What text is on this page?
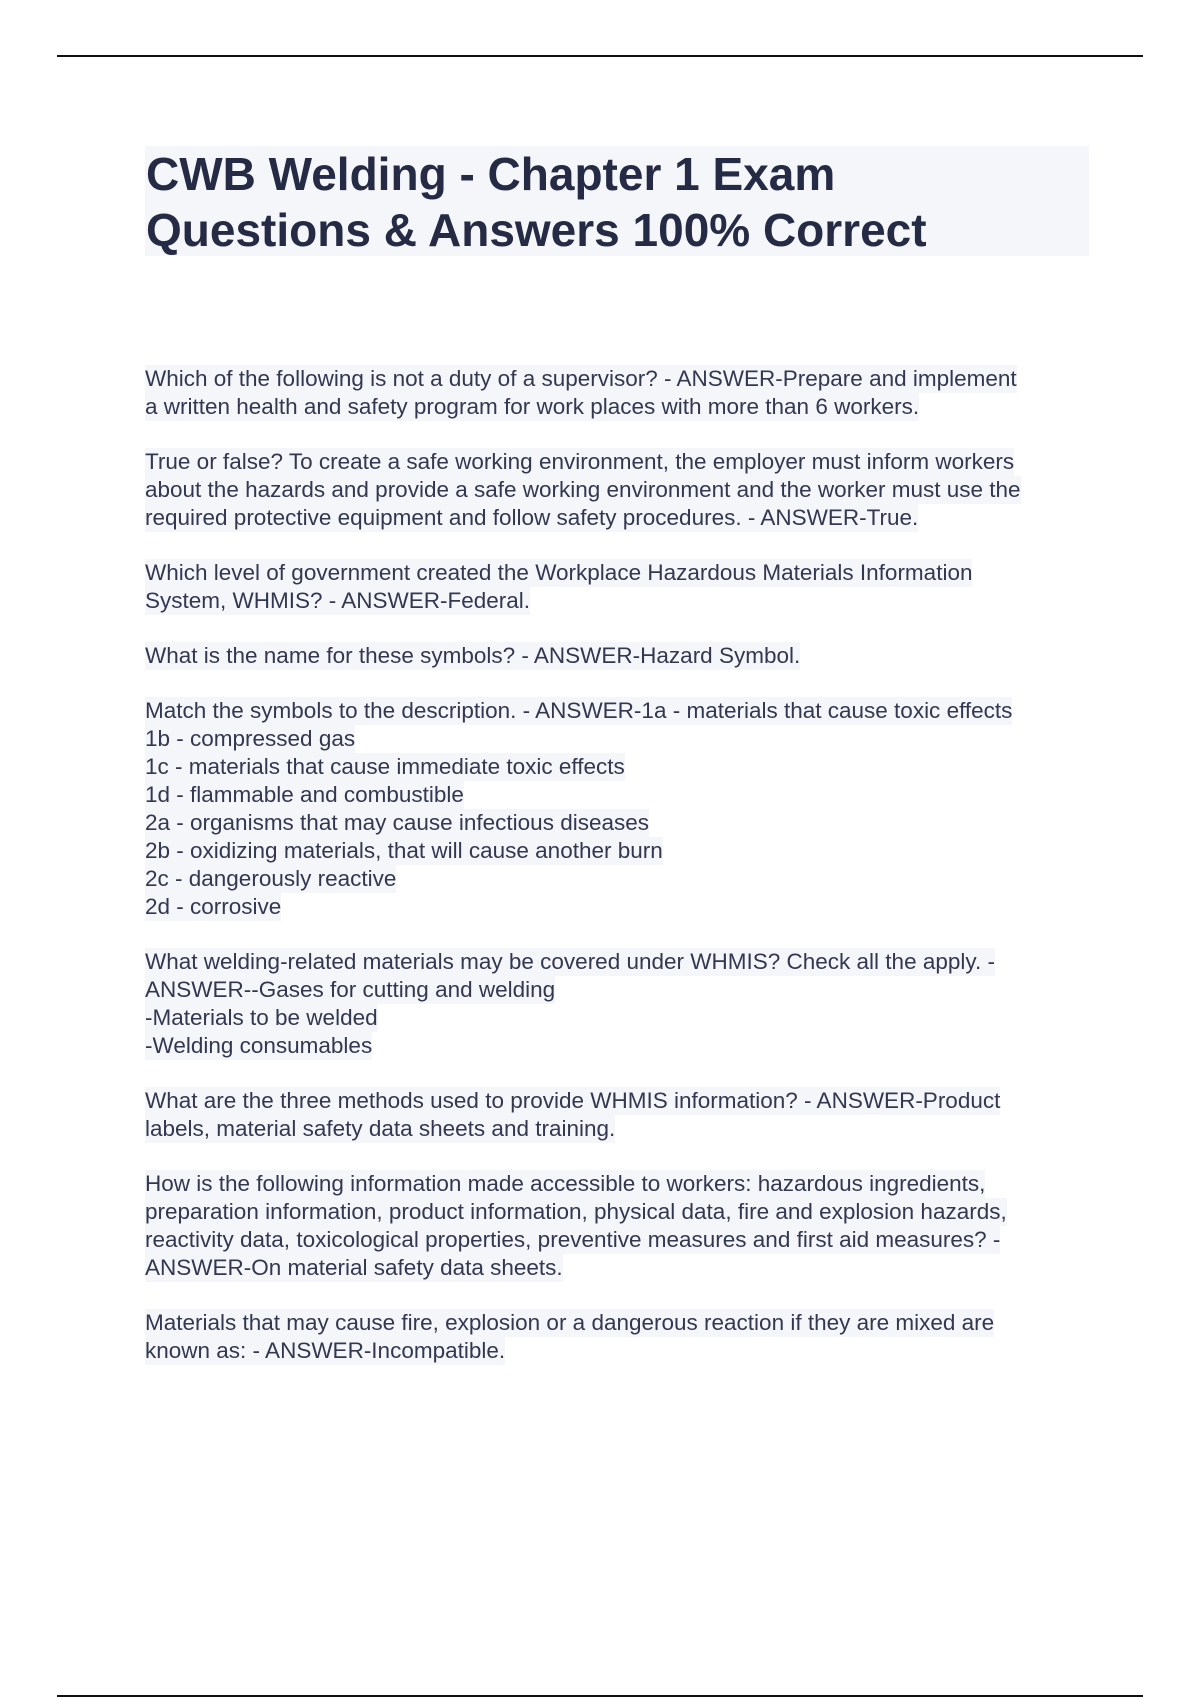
CWB Welding - Chapter 1 Exam
Questions & Answers 100% Correct
Which of the following is not a duty of a supervisor? - ANSWER-Prepare and implement
a written health and safety program for work places with more than 6 workers.
True or false? To create a safe working environment, the employer must inform workers
about the hazards and provide a safe working environment and the worker must use the
required protective equipment and follow safety procedures. - ANSWER-True.
Which level of government created the Workplace Hazardous Materials Information
System, WHMIS? - ANSWER-Federal.
What is the name for these symbols? - ANSWER-Hazard Symbol.
Match the symbols to the description. - ANSWER-1a - materials that cause toxic effects
1b - compressed gas
1c - materials that cause immediate toxic effects
1d - flammable and combustible
2a - organisms that may cause infectious diseases
2b - oxidizing materials, that will cause another burn
2c - dangerously reactive
2d - corrosive
What welding-related materials may be covered under WHMIS? Check all the apply. -
ANSWER--Gases for cutting and welding
-Materials to be welded
-Welding consumables
What are the three methods used to provide WHMIS information? - ANSWER-Product
labels, material safety data sheets and training.
How is the following information made accessible to workers: hazardous ingredients,
preparation information, product information, physical data, fire and explosion hazards,
reactivity data, toxicological properties, preventive measures and first aid measures? -
ANSWER-On material safety data sheets.
Materials that may cause fire, explosion or a dangerous reaction if they are mixed are
known as: - ANSWER-Incompatible.
